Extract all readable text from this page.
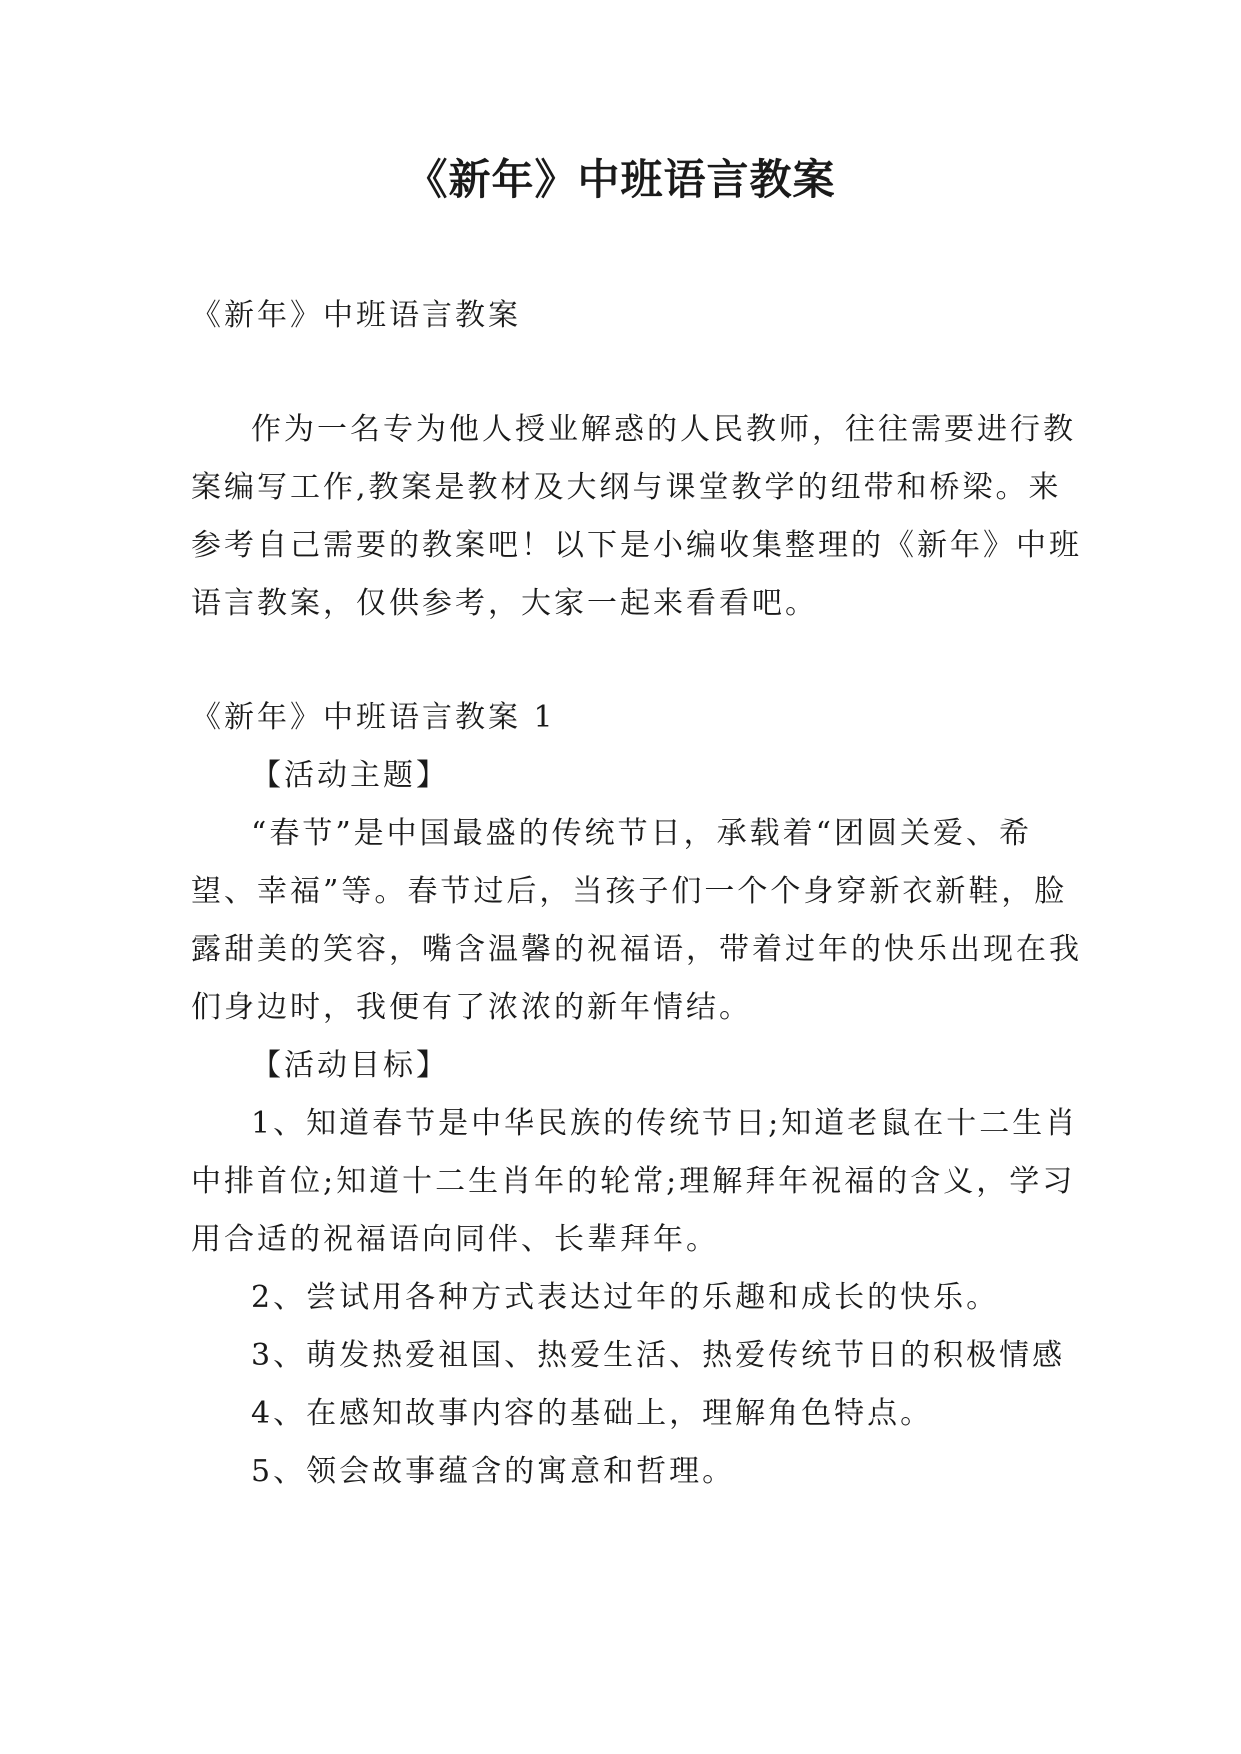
《新年》中班语言教案

《新年》中班语言教案

作为一名专为他人授业解惑的人民教师，往往需要进行教案编写工作,教案是教材及大纲与课堂教学的纽带和桥梁。来参考自己需要的教案吧！以下是小编收集整理的《新年》中班语言教案，仅供参考，大家一起来看看吧。

《新年》中班语言教案 1

【活动主题】

“春节”是中国最盛的传统节日，承载着“团圆关爱、希望、幸福”等。春节过后，当孩子们一个个身穿新衣新鞋，脸露甜美的笑容，嘴含温馨的祝福语，带着过年的快乐出现在我们身边时，我便有了浓浓的新年情结。

【活动目标】

1、知道春节是中华民族的传统节日;知道老鼠在十二生肖中排首位;知道十二生肖年的轮常;理解拜年祝福的含义，学习用合适的祝福语向同伴、长辈拜年。

2、尝试用各种方式表达过年的乐趣和成长的快乐。

3、萌发热爱祖国、热爱生活、热爱传统节日的积极情感

4、在感知故事内容的基础上，理解角色特点。

5、领会故事蕴含的寓意和哲理。
